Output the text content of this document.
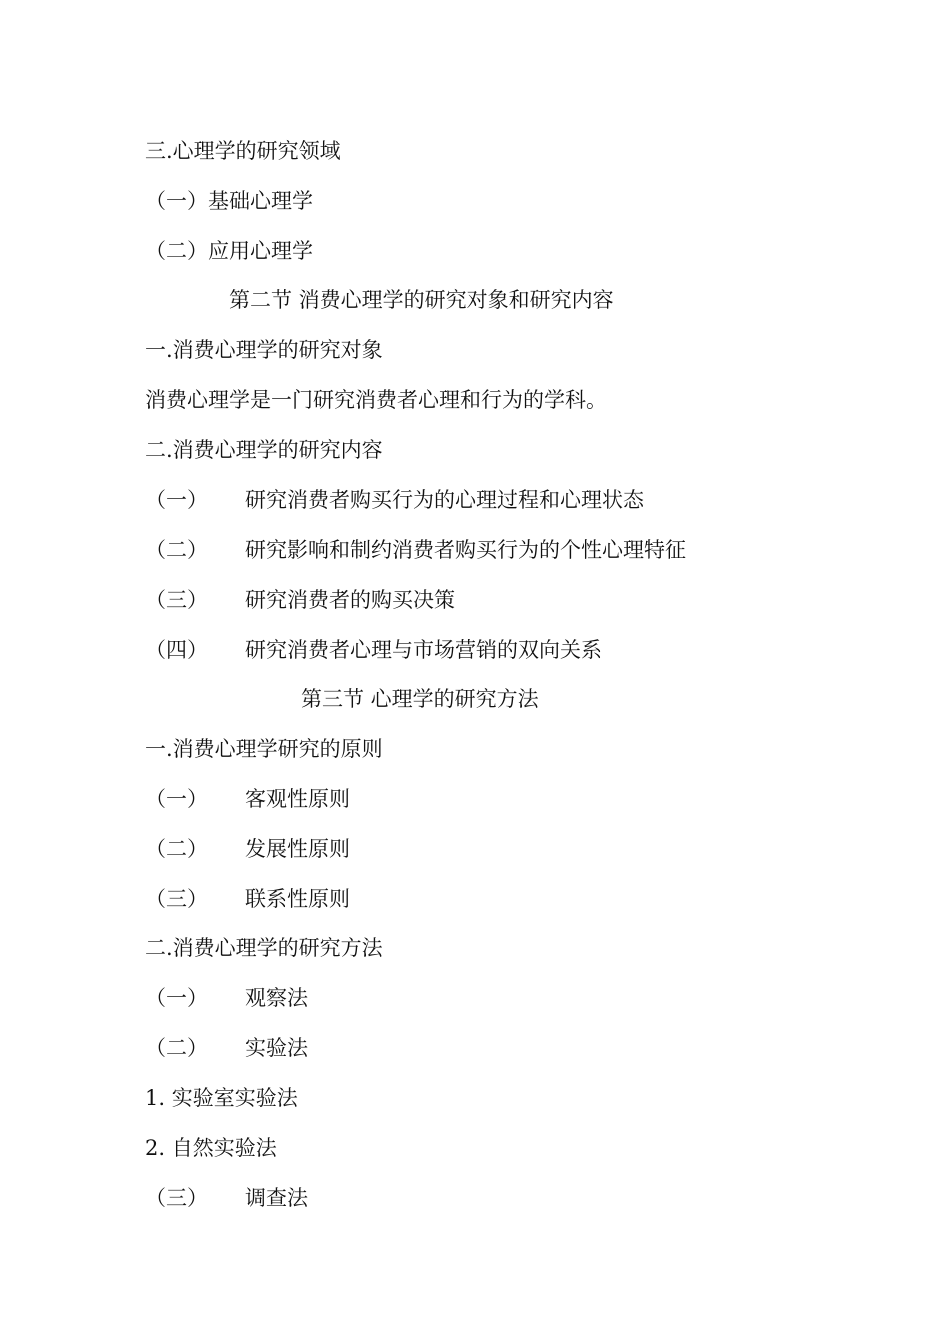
三.心理学的研究领域
（一）基础心理学
（二）应用心理学
第二节 消费心理学的研究对象和研究内容
一.消费心理学的研究对象
消费心理学是一门研究消费者心理和行为的学科。
二.消费心理学的研究内容
（一） 研究消费者购买行为的心理过程和心理状态
（二） 研究影响和制约消费者购买行为的个性心理特征
（三） 研究消费者的购买决策
（四） 研究消费者心理与市场营销的双向关系
第三节 心理学的研究方法
一.消费心理学研究的原则
（一） 客观性原则
（二） 发展性原则
（三） 联系性原则
二.消费心理学的研究方法
（一） 观察法
（二） 实验法
1. 实验室实验法
2. 自然实验法
（三） 调查法
